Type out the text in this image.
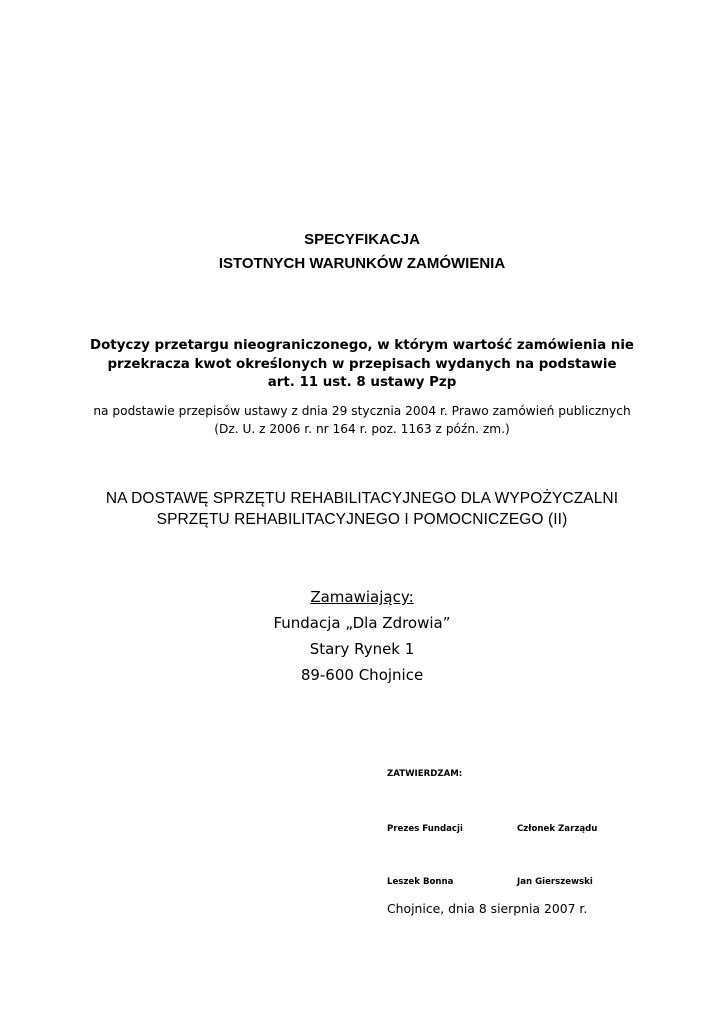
SPECYFIKACJA
ISTOTNYCH WARUNKÓW ZAMÓWIENIA
Dotyczy przetargu nieograniczonego, w którym wartość zamówienia nie
przekracza kwot określonych w przepisach wydanych na podstawie
art. 11 ust. 8 ustawy Pzp
na podstawie przepisów ustawy z dnia 29 stycznia 2004 r. Prawo zamówień publicznych
(Dz. U. z 2006 r. nr 164 r. poz. 1163 z późn. zm.)
NA DOSTAWĘ SPRZĘTU REHABILITACYJNEGO DLA WYPOŻYCZALNI
SPRZĘTU REHABILITACYJNEGO I POMOCNICZEGO (II)
Zamawiający:
Fundacja „Dla Zdrowia”
Stary Rynek 1
89-600 Chojnice
ZATWIERDZAM:
Prezes Fundacji	Członek Zarządu
Leszek Bonna	Jan Gierszewski
Chojnice, dnia 8 sierpnia 2007 r.
